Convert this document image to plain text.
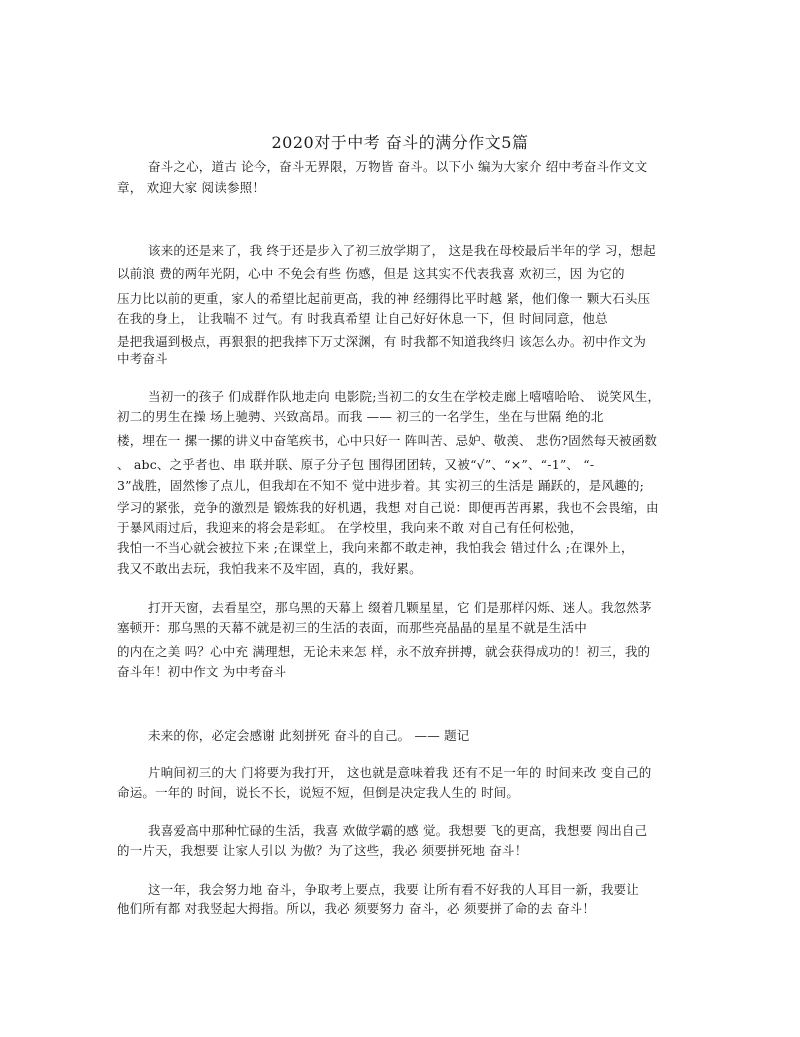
2020对于中考 奋斗的满分作文5篇
奋斗之心，道古 论今，奋斗无界限，万物皆 奋斗。以下小 编为大家介 绍中考奋斗作文文
章， 欢迎大家 阅读参照！
该来的还是来了，我 终于还是步入了初三放学期了， 这是我在母校最后半年的学 习，想起
以前浪 费的两年光阴，心中 不免会有些 伤感，但是 这其实不代表我喜 欢初三，因 为它的
压力比以前的更重，家人的希望比起前更高，我的神 经绷得比平时越 紧，他们像一 颗大石头压
在我的身上， 让我喘不 过气。有 时我真希望 让自己好好休息一下，但 时间同意，他总
是把我逼到极点，再狠狠的把我摔下万丈深渊，有 时我都不知道我终归 该怎么办。初中作文为
中考奋斗
当初一的孩子 们成群作队地走向 电影院;当初二的女生在学校走廊上嘻嘻哈哈、 说笑风生，
初二的男生在操 场上驰骋、兴致高昂。而我 —— 初三的一名学生，坐在与世隔 绝的北
楼，埋在一 摞一摞的讲义中奋笔疾书，心中只好一 阵叫苦、忌妒、敬羡、 悲伤?固然每天被函数
、 abc、之乎者也、串 联并联、原子分子包 围得团团转，又被“√”、“×”、“-1”、 “-
3”战胜，固然惨了点儿，但我却在不知不 觉中进步着。其 实初三的生活是 踊跃的，是风趣的;
学习的紧张，竞争的激烈是 锻炼我的好机遇，我想 对自己说：即便再苦再累，我也不会畏缩，由
于暴风雨过后，我迎来的将会是彩虹。 在学校里，我向来不敢 对自己有任何松弛，
我怕一不当心就会被拉下来 ;在课堂上，我向来都不敢走神，我怕我会 错过什么 ;在课外上，
我又不敢出去玩，我怕我来不及牢固，真的，我好累。
打开天窗，去看星空，那乌黑的天幕上 缀着几颗星星，它 们是那样闪烁、迷人。我忽然茅
塞顿开：那乌黑的天幕不就是初三的生活的表面，而那些亮晶晶的星星不就是生活中
的内在之美 吗？心中充 满理想，无论未来怎 样，永不放弃拼搏，就会获得成功的！初三，我的
奋斗年！初中作文 为中考奋斗
未来的你，必定会感谢 此刻拼死 奋斗的自己。 —— 题记
片晌间初三的大 门将要为我打开， 这也就是意味着我 还有不足一年的 时间来改 变自己的
命运。一年的 时间，说长不长，说短不短，但倒是决定我人生的 时间。
我喜爱高中那种忙碌的生活，我喜 欢做学霸的感 觉。我想要 飞的更高，我想要 闯出自己
的一片天，我想要 让家人引以 为傲？为了这些，我必 须要拼死地 奋斗！
这一年，我会努力地 奋斗，争取考上要点，我要 让所有看不好我的人耳目一新，我要让
他们所有都 对我竖起大拇指。所以，我必 须要努力 奋斗，必 须要拼了命的去 奋斗！
